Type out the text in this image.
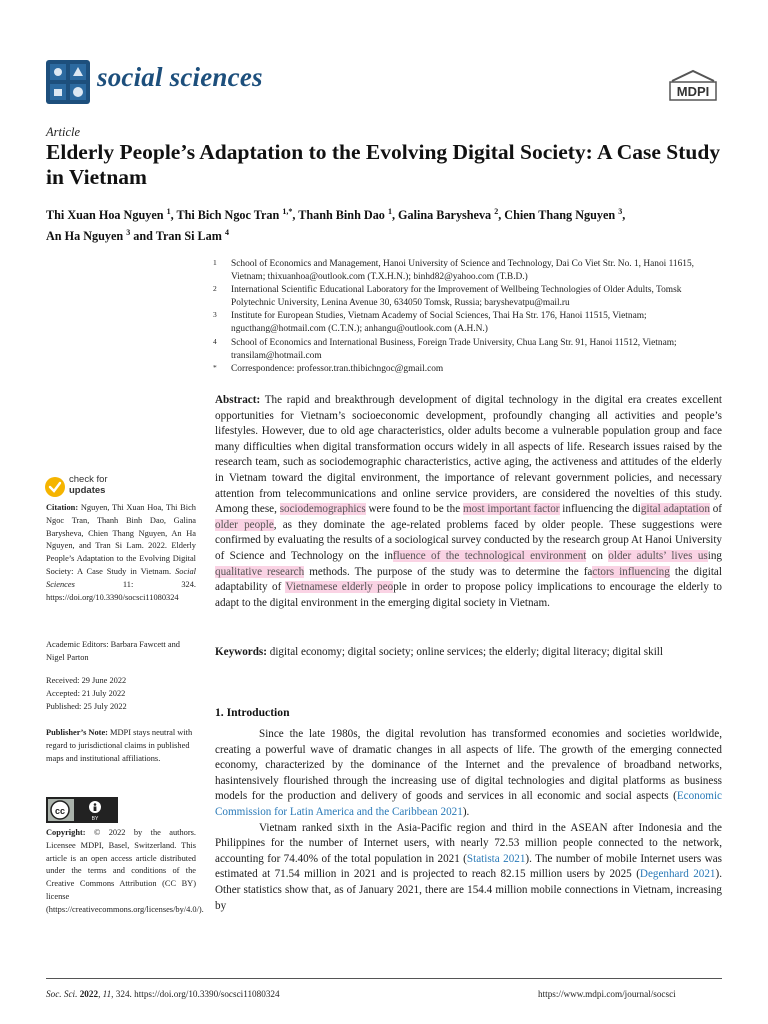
social sciences	MDPI
Article
Elderly People’s Adaptation to the Evolving Digital Society: A Case Study in Vietnam
Thi Xuan Hoa Nguyen $^1$, Thi Bich Ngoc Tran $^{1,*}$, Thanh Binh Dao $^1$, Galina Barysheva $^2$, Chien Thang Nguyen $^3$,
An Ha Nguyen $^3$ and Tran Si Lam $^4$
1	School of Economics and Management, Hanoi University of Science and Technology, Dai Co Viet Str. No. 1, Hanoi 11615, Vietnam; thixuanhoa@outlook.com (T.X.H.N.); binhd82@yahoo.com (T.B.D.)
2	International Scientific Educational Laboratory for the Improvement of Wellbeing Technologies of Older Adults, Tomsk Polytechnic University, Lenina Avenue 30, 634050 Tomsk, Russia; baryshevatpu@mail.ru
3	Institute for European Studies, Vietnam Academy of Social Sciences, Thai Ha Str. 176, Hanoi 11515, Vietnam; ngucthang@hotmail.com (C.T.N.); anhangu@outlook.com (A.H.N.)
4	School of Economics and International Business, Foreign Trade University, Chua Lang Str. 91, Hanoi 11512, Vietnam; transilam@hotmail.com
*	Correspondence: professor.tran.thibichngoc@gmail.com
Abstract: The rapid and breakthrough development of digital technology in the digital era creates excellent opportunities for Vietnam’s socioeconomic development, profoundly changing all activities and people’s lifestyles. However, due to old age characteristics, older adults become a vulnerable population group and face many difficulties when digital transformation occurs widely in all aspects of life. Research issues raised by the research team, such as sociodemographic characteristics, active aging, the activeness and attitudes of the elderly in Vietnam toward the digital environment, the importance of relevant government policies, and necessary attention from telecommunications and online service providers, are considered the novelties of this study. Among these, sociodemographics were found to be the most important factor influencing the digital adaptation of older people, as they dominate the age-related problems faced by older people. These suggestions were confirmed by evaluating the results of a sociological survey conducted by the research group At Hanoi University of Science and Technology on the influence of the technological environment on older adults’ lives using qualitative research methods. The purpose of the study was to determine the factors influencing the digital adaptability of Vietnamese elderly people in order to propose policy implications to encourage the elderly to adapt to the digital environment in the emerging digital society in Vietnam.
Keywords: digital economy; digital society; online services; the elderly; digital literacy; digital skill
check for
updates
Citation: Nguyen, Thi Xuan Hoa, Thi Bich Ngoc Tran, Thanh Binh Dao, Galina Barysheva, Chien Thang Nguyen, An Ha Nguyen, and Tran Si Lam. 2022. Elderly People’s Adaptation to the Evolving Digital Society: A Case Study in Vietnam. Social Sciences 11: 324. https://doi.org/10.3390/socsci11080324
Academic Editors: Barbara Fawcett and Nigel Parton
Received: 29 June 2022
Accepted: 21 July 2022
Published: 25 July 2022
Publisher’s Note: MDPI stays neutral with regard to jurisdictional claims in published maps and institutional affiliations.
cc
BY
Copyright: © 2022 by the authors. Licensee MDPI, Basel, Switzerland. This article is an open access article distributed under the terms and conditions of the Creative Commons Attribution (CC BY) license (https://creativecommons.org/licenses/by/4.0/).
1. Introduction

Since the late 1980s, the digital revolution has transformed economies and societies worldwide, creating a powerful wave of dramatic changes in all aspects of life. The growth of the emerging connected economy, characterized by the dominance of the Internet and the prevalence of broadband networks, hasintensively flourished through the increasing use of digital technologies and digital platforms as business models for the production and delivery of goods and services in all economic and social aspects (Economic Commission for Latin America and the Caribbean 2021).

Vietnam ranked sixth in the Asia-Pacific region and third in the ASEAN after Indonesia and the Philippines for the number of Internet users, with nearly 72.53 million people connected to the network, accounting for 74.40% of the total population in 2021 (Statista 2021). The number of mobile Internet users was estimated at 71.54 million in 2021 and is projected to reach 82.15 million users by 2025 (Degenhard 2021). Other statistics show that, as of January 2021, there are 154.4 million mobile connections in Vietnam, increasing by

Soc. Sci. 2022, 11, 324. https://doi.org/10.3390/socsci11080324	https://www.mdpi.com/journal/socsci
